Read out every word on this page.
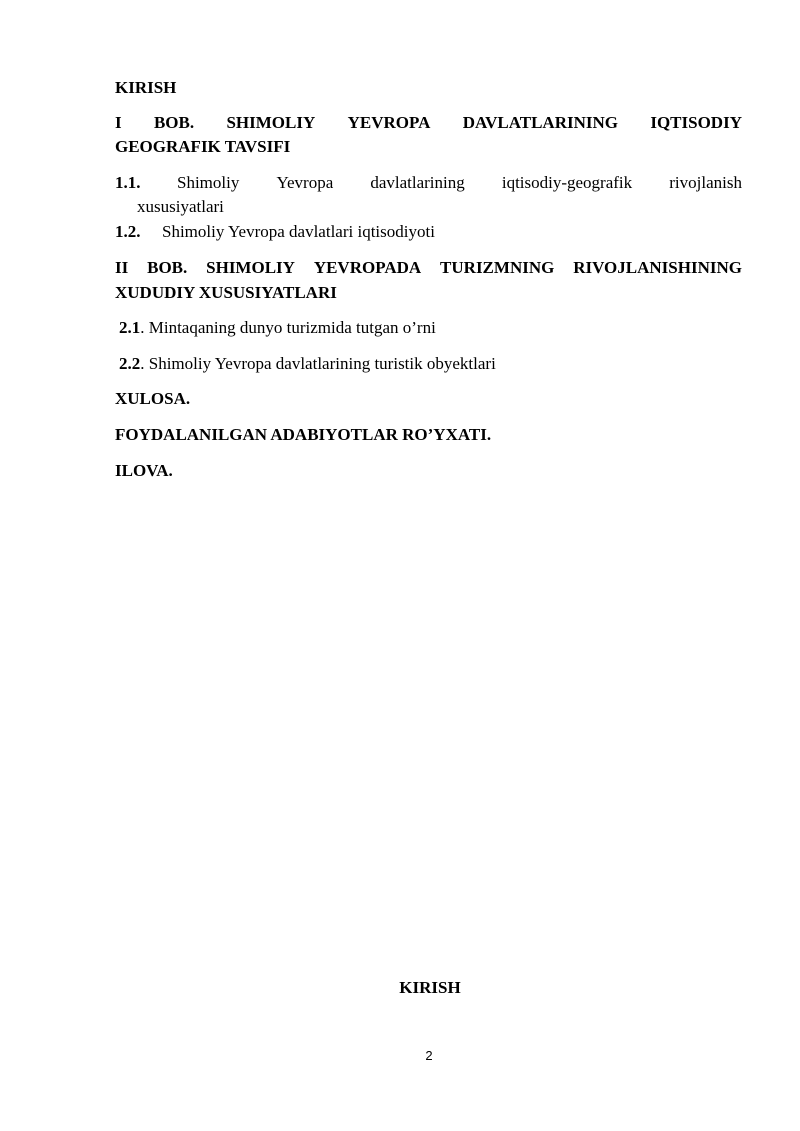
KIRISH
I BOB. SHIMOLIY YEVROPA DAVLATLARINING IQTISODIY
GEOGRAFIK TAVSIFI
1.1.	Shimoliy Yevropa davlatlarining iqtisodiy-geografik rivojlanish
xususiyatlari
1.2. Shimoliy Yevropa davlatlari iqtisodiyoti
II BOB. SHIMOLIY YEVROPADA TURIZMNING RIVOJLANISHINING
XUDUDIY XUSUSIYATLARI
2.1. Mintaqaning dunyo turizmida tutgan o’rni
2.2. Shimoliy Yevropa davlatlarining turistik obyektlari
XULOSA.
FOYDALANILGAN ADABIYOTLAR RO’YXATI.
ILOVA.
KIRISH
2
